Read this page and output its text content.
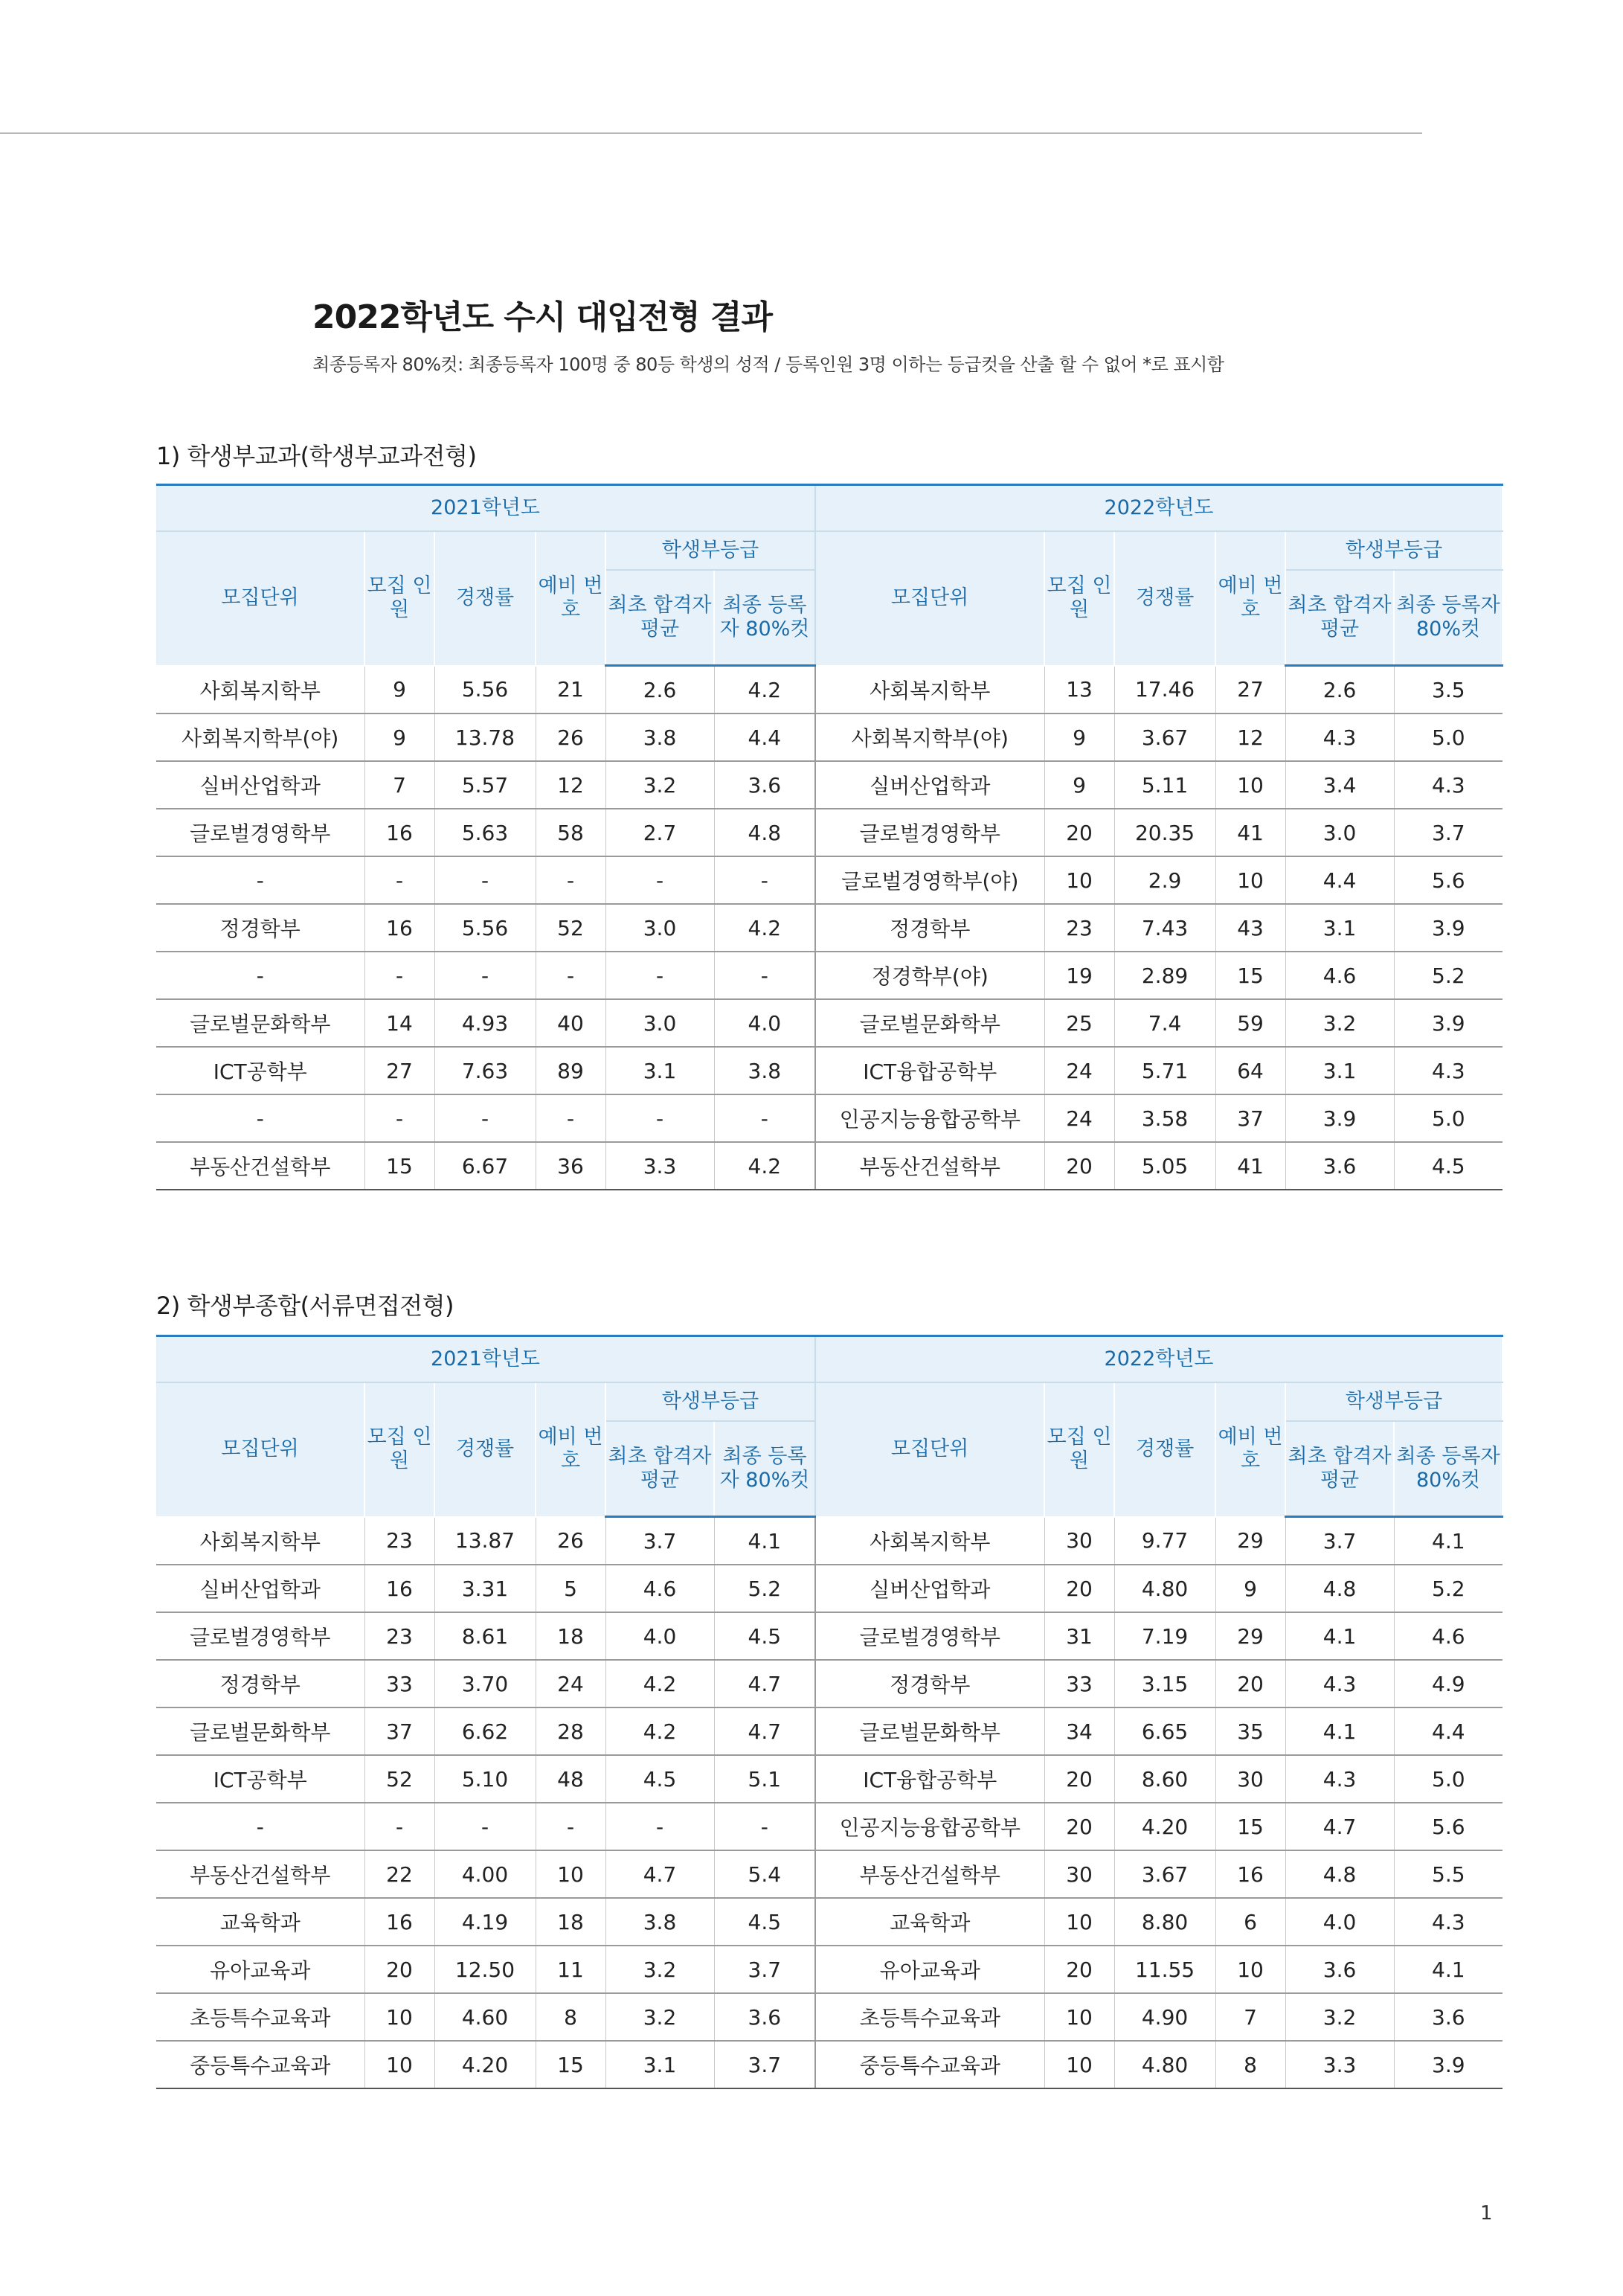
2022학년도 수시 대입전형 결과
최종등록자 80%컷: 최종등록자 100명 중 80등 학생의 성적 / 등록인원 3명 이하는 등급컷을 산출 할 수 없어 *로 표시함
1) 학생부교과(학생부교과전형)
2021학년도						2022학년도					
모집단위	모집 인원	경쟁률	예비 번호	학생부등급		모집단위	모집 인원	경쟁률	예비 번호	학생부등급	
				최초 합격자 평균	최종 등록자 80%컷					최초 합격자 평균	최종 등록자 80%컷
사회복지학부	9	5.56	21	2.6	4.2	사회복지학부	13	17.46	27	2.6	3.5
사회복지학부(야)	9	13.78	26	3.8	4.4	사회복지학부(야)	9	3.67	12	4.3	5.0
실버산업학과	7	5.57	12	3.2	3.6	실버산업학과	9	5.11	10	3.4	4.3
글로벌경영학부	16	5.63	58	2.7	4.8	글로벌경영학부	20	20.35	41	3.0	3.7
-	-	-	-	-	-	글로벌경영학부(야)	10	2.9	10	4.4	5.6
정경학부	16	5.56	52	3.0	4.2	정경학부	23	7.43	43	3.1	3.9
-	-	-	-	-	-	정경학부(야)	19	2.89	15	4.6	5.2
글로벌문화학부	14	4.93	40	3.0	4.0	글로벌문화학부	25	7.4	59	3.2	3.9
ICT공학부	27	7.63	89	3.1	3.8	ICT융합공학부	24	5.71	64	3.1	4.3
-	-	-	-	-	-	인공지능융합공학부	24	3.58	37	3.9	5.0
부동산건설학부	15	6.67	36	3.3	4.2	부동산건설학부	20	5.05	41	3.6	4.5
2) 학생부종합(서류면접전형)
2021학년도						2022학년도					
모집단위	모집 인원	경쟁률	예비 번호	학생부등급		모집단위	모집 인원	경쟁률	예비 번호	학생부등급	
				최초 합격자 평균	최종 등록자 80%컷					최초 합격자 평균	최종 등록자 80%컷
사회복지학부	23	13.87	26	3.7	4.1	사회복지학부	30	9.77	29	3.7	4.1
실버산업학과	16	3.31	5	4.6	5.2	실버산업학과	20	4.80	9	4.8	5.2
글로벌경영학부	23	8.61	18	4.0	4.5	글로벌경영학부	31	7.19	29	4.1	4.6
정경학부	33	3.70	24	4.2	4.7	정경학부	33	3.15	20	4.3	4.9
글로벌문화학부	37	6.62	28	4.2	4.7	글로벌문화학부	34	6.65	35	4.1	4.4
ICT공학부	52	5.10	48	4.5	5.1	ICT융합공학부	20	8.60	30	4.3	5.0
-	-	-	-	-	-	인공지능융합공학부	20	4.20	15	4.7	5.6
부동산건설학부	22	4.00	10	4.7	5.4	부동산건설학부	30	3.67	16	4.8	5.5
교육학과	16	4.19	18	3.8	4.5	교육학과	10	8.80	6	4.0	4.3
유아교육과	20	12.50	11	3.2	3.7	유아교육과	20	11.55	10	3.6	4.1
초등특수교육과	10	4.60	8	3.2	3.6	초등특수교육과	10	4.90	7	3.2	3.6
중등특수교육과	10	4.20	15	3.1	3.7	중등특수교육과	10	4.80	8	3.3	3.9
1
